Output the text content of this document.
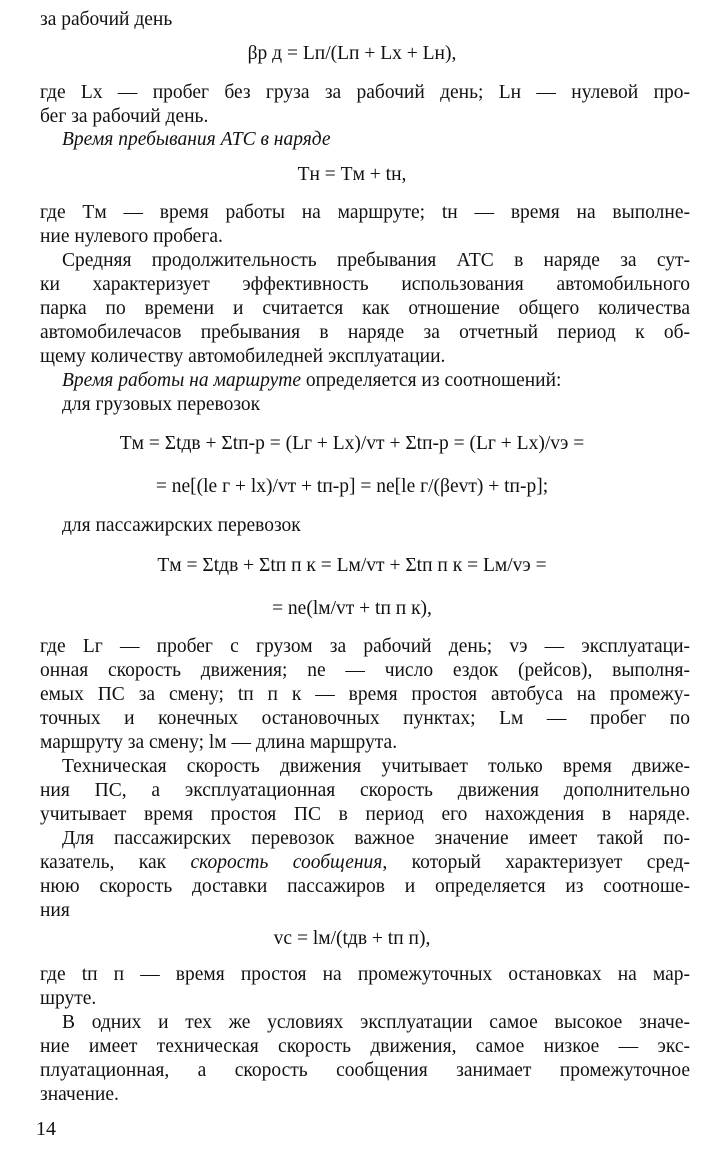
за рабочий день
βр д = Lп/(Lп + Lх + Lн),
где Lх — пробег без груза за рабочий день; Lн — нулевой про-
бег за рабочий день.
Время пребывания АТС в наряде
Tн = Tм + tн,
где Tм — время работы на маршруте; tн — время на выполне-
ние нулевого пробега.
Средняя продолжительность пребывания АТС в наряде за сут-
ки характеризует эффективность использования автомобильного
парка по времени и считается как отношение общего количества
автомобилечасов пребывания в наряде за отчетный период к об-
щему количеству автомобиледней эксплуатации.
Время работы на маршруте определяется из соотношений:
для грузовых перевозок
Tм = Σtдв + Σtп-р = (Lг + Lх)/vт + Σtп-р = (Lг + Lх)/vэ =
= nе[(lе г + lх)/vт + tп-р] = nе[lе г/(βеvт) + tп-р];
для пассажирских перевозок
Tм = Σtдв + Σtп п к = Lм/vт + Σtп п к = Lм/vэ =
= nе(lм/vт + tп п к),
где Lг — пробег с грузом за рабочий день; vэ — эксплуатаци-
онная скорость движения; nе — число ездок (рейсов), выполня-
емых ПС за смену; tп п к — время простоя автобуса на промежу-
точных и конечных остановочных пунктах; Lм — пробег по
маршруту за смену; lм — длина маршрута.
Техническая скорость движения учитывает только время движе-
ния ПС, а эксплуатационная скорость движения дополнительно
учитывает время простоя ПС в период его нахождения в наряде.
Для пассажирских перевозок важное значение имеет такой по-
казатель, как скорость сообщения, который характеризует сред-
нюю скорость доставки пассажиров и определяется из соотноше-
ния
vс = lм/(tдв + tп п),
где tп п — время простоя на промежуточных остановках на мар-
шруте.
В одних и тех же условиях эксплуатации самое высокое значе-
ние имеет техническая скорость движения, самое низкое — экс-
плуатационная, а скорость сообщения занимает промежуточное
значение.
14
